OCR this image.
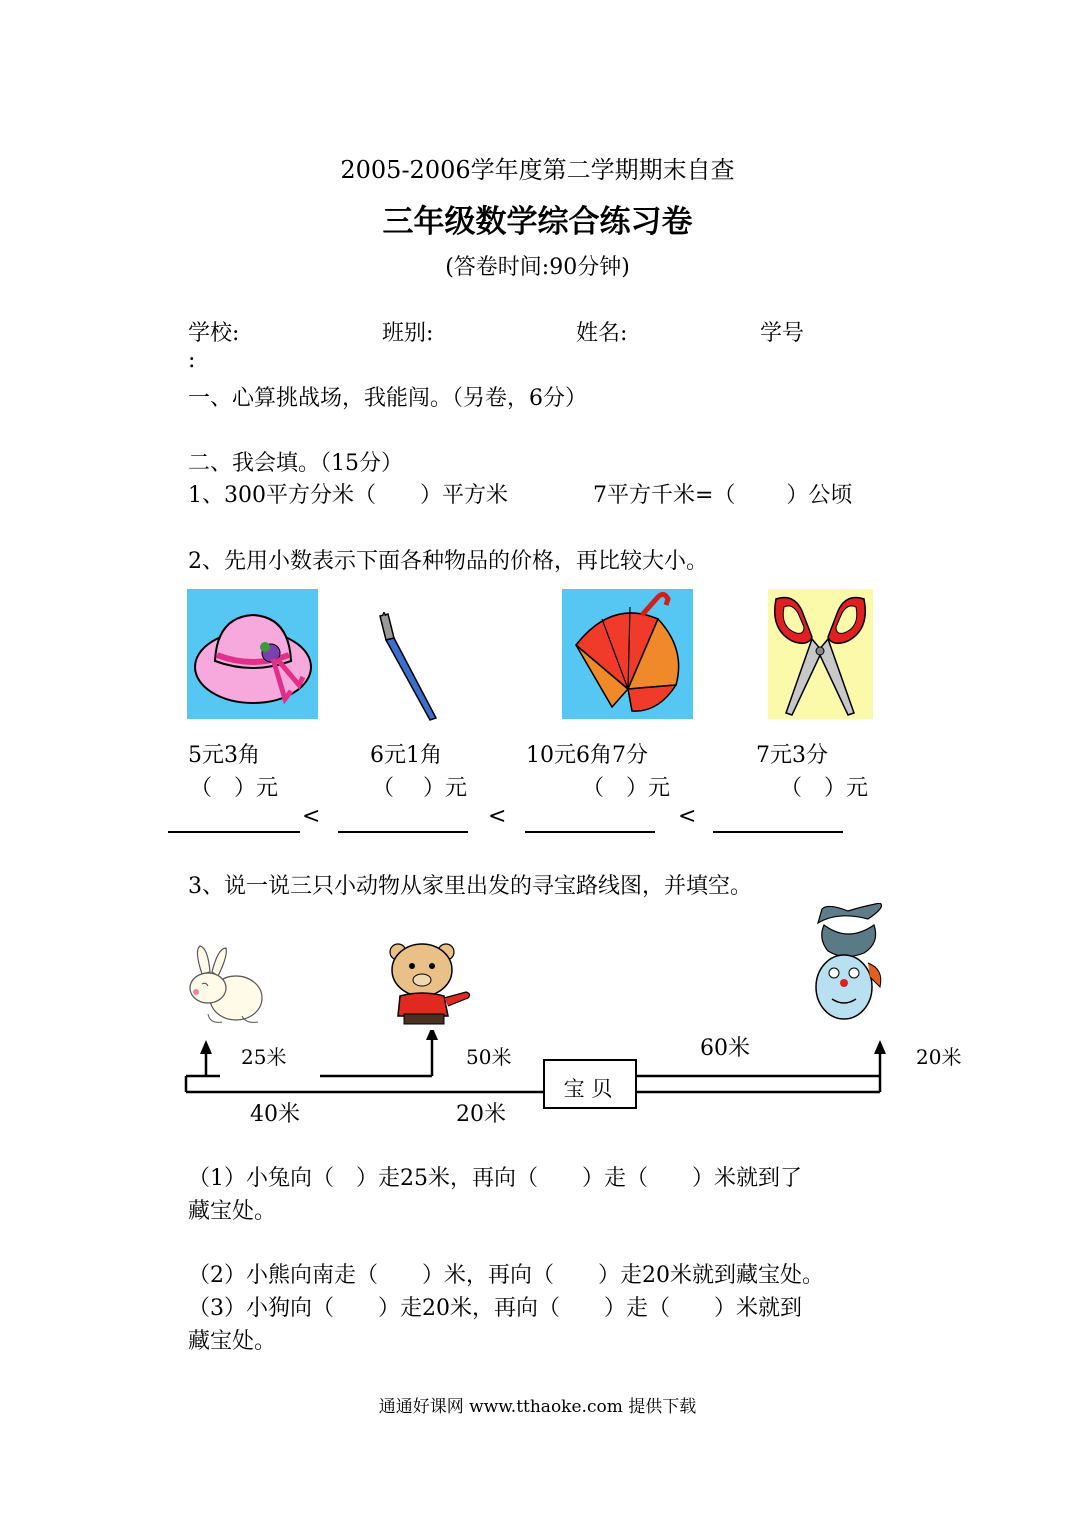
2005-2006学年度第二学期期末自查
三年级数学综合练习卷
(答卷时间:90分钟)
学校:	班别:	姓名:	学号
:
一、心算挑战场，我能闯。（另卷，6分）
二、我会填。（15分）
1、300平方分米（　　）平方米	7平方千米=（　　 ）公顷
2、先用小数表示下面各种物品的价格，再比较大小。
5元3角	6元1角	10元6角7分	7元3分
（　）元	（　 ）元	（　）元	（　）元
<	<	<
3、说一说三只小动物从家里出发的寻宝路线图，并填空。
宝 贝
25米	50米	60米	20米
40米	20米
（1）小兔向（　）走25米，再向（　　）走（　　）米就到了
藏宝处。
（2）小熊向南走（　　）米，再向（　　）走20米就到藏宝处。
（3）小狗向（　　）走20米，再向（　　）走（　　）米就到
藏宝处。
通通好课网 www.tthaoke.com 提供下载
